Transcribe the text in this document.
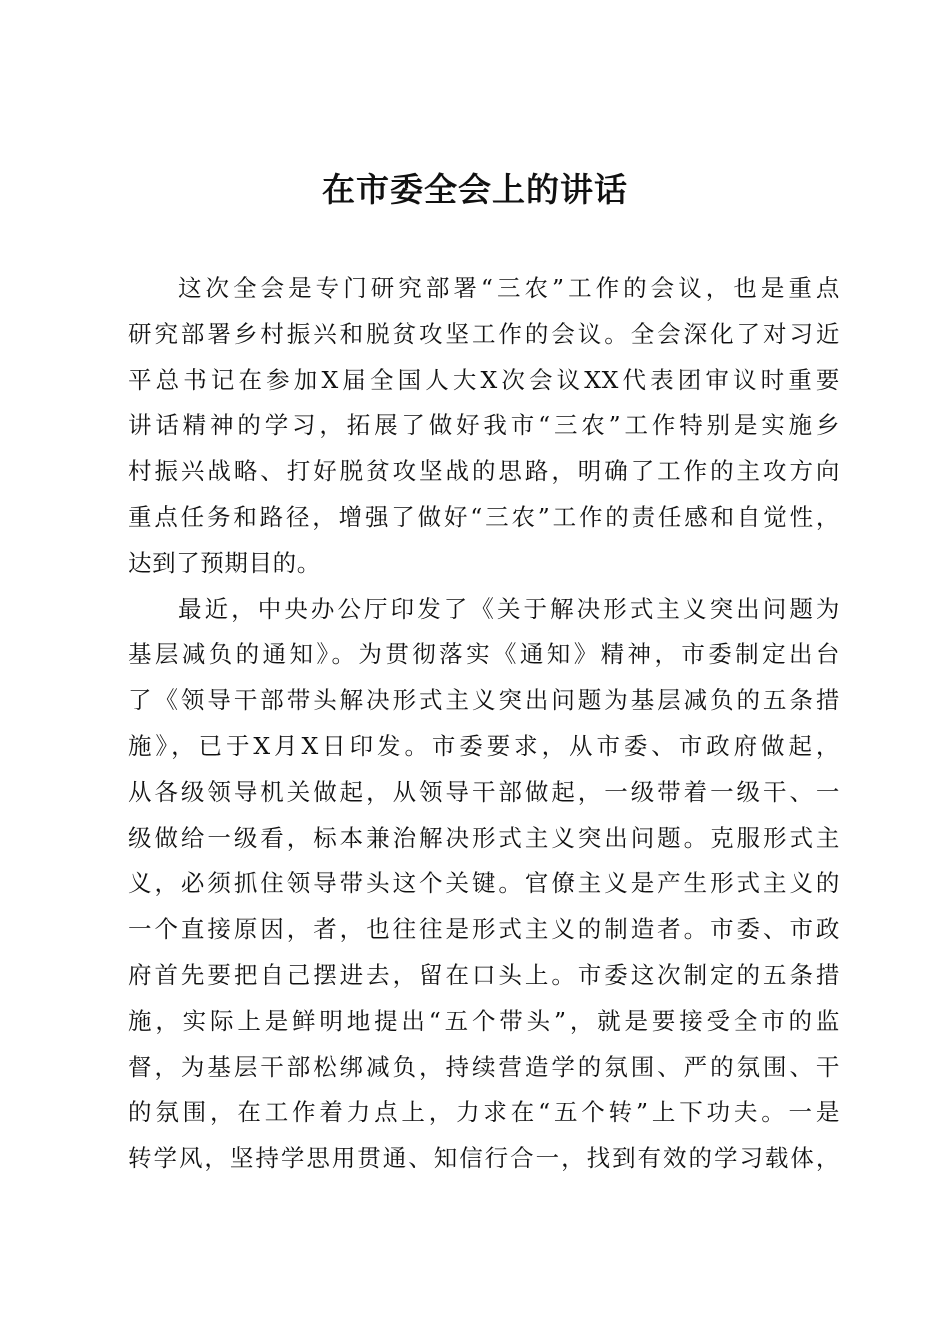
在市委全会上的讲话
这次全会是专门研究部署“三农”工作的会议，也是重点
研究部署乡村振兴和脱贫攻坚工作的会议。全会深化了对习近
平总书记在参加X届全国人大X次会议XX代表团审议时重要
讲话精神的学习，拓展了做好我市“三农”工作特别是实施乡
村振兴战略、打好脱贫攻坚战的思路，明确了工作的主攻方向
重点任务和路径，增强了做好“三农”工作的责任感和自觉性，
达到了预期目的。
最近，中央办公厅印发了《关于解决形式主义突出问题为
基层减负的通知》。为贯彻落实《通知》精神，市委制定出台
了《领导干部带头解决形式主义突出问题为基层减负的五条措
施》，已于X月X日印发。市委要求，从市委、市政府做起，
从各级领导机关做起，从领导干部做起，一级带着一级干、一
级做给一级看，标本兼治解决形式主义突出问题。克服形式主
义，必须抓住领导带头这个关键。官僚主义是产生形式主义的
一个直接原因，者，也往往是形式主义的制造者。市委、市政
府首先要把自己摆进去，留在口头上。市委这次制定的五条措
施，实际上是鲜明地提出“五个带头”，就是要接受全市的监
督，为基层干部松绑减负，持续营造学的氛围、严的氛围、干
的氛围，在工作着力点上，力求在“五个转”上下功夫。一是
转学风，坚持学思用贯通、知信行合一，找到有效的学习载体，
